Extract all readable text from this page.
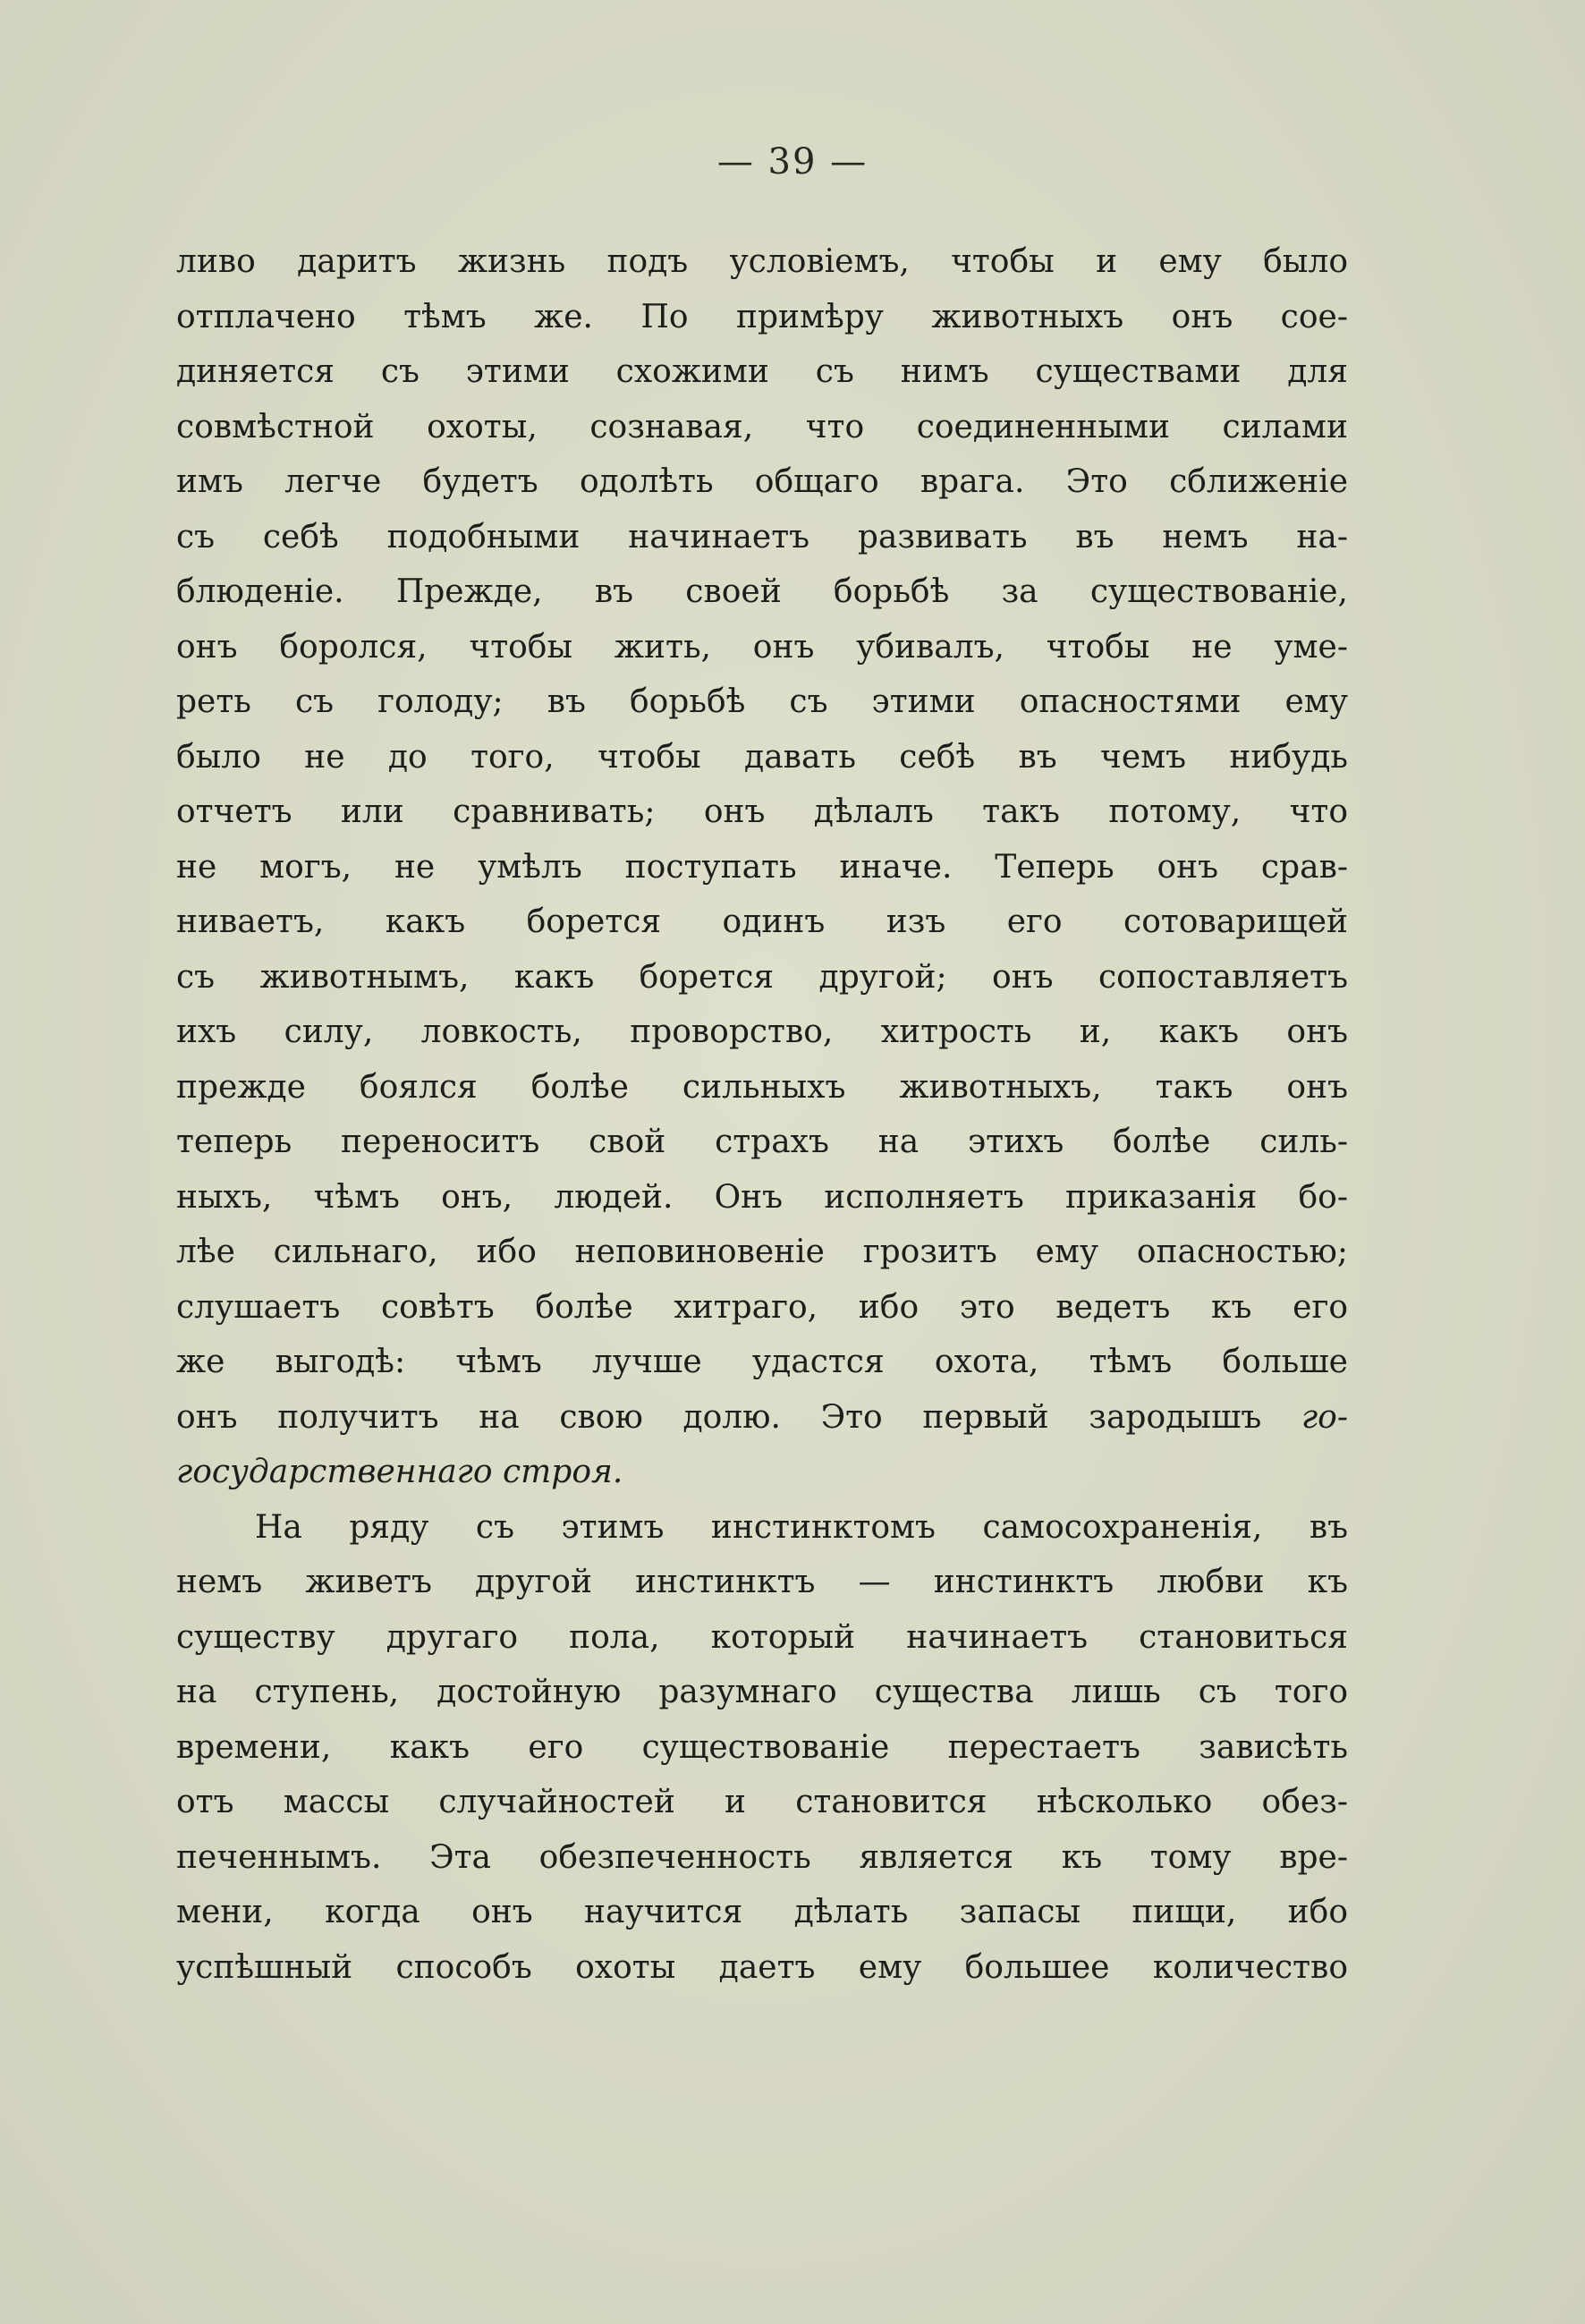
— 39 —
ливо даритъ жизнь подъ условіемъ, чтобы и ему было
отплачено тѣмъ же. По примѣру животныхъ онъ сое-
диняется съ этими схожими съ нимъ существами для
совмѣстной охоты, сознавая, что соединенными силами
имъ легче будетъ одолѣть общаго врага. Это сближеніе
съ себѣ подобными начинаетъ развивать въ немъ на-
блюденіе. Прежде, въ своей борьбѣ за существованіе,
онъ боролся, чтобы жить, онъ убивалъ, чтобы не уме-
реть съ голоду; въ борьбѣ съ этими опасностями ему
было не до того, чтобы давать себѣ въ чемъ нибудь
отчетъ или сравнивать; онъ дѣлалъ такъ потому, что
не могъ, не умѣлъ поступать иначе. Теперь онъ срав-
ниваетъ, какъ борется одинъ изъ его сотоварищей
съ животнымъ, какъ борется другой; онъ сопоставляетъ
ихъ силу, ловкость, проворство, хитрость и, какъ онъ
прежде боялся болѣе сильныхъ животныхъ, такъ онъ
теперь переноситъ свой страхъ на этихъ болѣе силь-
ныхъ, чѣмъ онъ, людей. Онъ исполняетъ приказанія бо-
лѣе сильнаго, ибо неповиновеніе грозитъ ему опасностью;
слушаетъ совѣтъ болѣе хитраго, ибо это ведетъ къ его
же выгодѣ: чѣмъ лучше удастся охота, тѣмъ больше
онъ получитъ на свою долю. Это первый зародышъ го-
государственнаго строя.
На ряду съ этимъ инстинктомъ самосохраненія, въ
немъ живетъ другой инстинктъ — инстинктъ любви къ
существу другаго пола, который начинаетъ становиться
на ступень, достойную разумнаго существа лишь съ того
времени, какъ его существованіе перестаетъ зависѣть
отъ массы случайностей и становится нѣсколько обез-
печеннымъ. Эта обезпеченность является къ тому вре-
мени, когда онъ научится дѣлать запасы пищи, ибо
успѣшный способъ охоты даетъ ему большее количество
